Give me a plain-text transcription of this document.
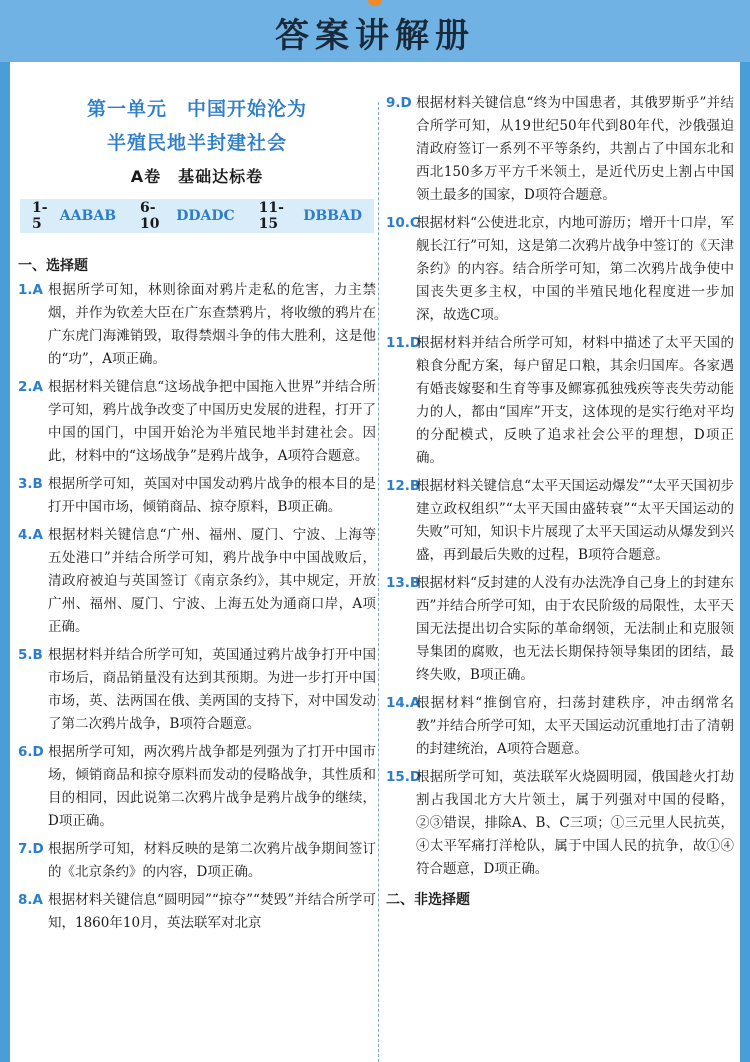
答案讲解册
第一单元　中国开始沦为
半殖民地半封建社会
A卷　基础达标卷
1-5	AABAB 6-10	DDADC 11-15	DBBAD
一、选择题
1.A 根据所学可知，林则徐面对鸦片走私的危害，力主禁烟，并作为钦差大臣在广东查禁鸦片，将收缴的鸦片在广东虎门海滩销毁，取得禁烟斗争的伟大胜利，这是他的“功”，A项正确。
2.A 根据材料关键信息“这场战争把中国拖入世界”并结合所学可知，鸦片战争改变了中国历史发展的进程，打开了中国的国门，中国开始沦为半殖民地半封建社会。因此，材料中的“这场战争”是鸦片战争，A项符合题意。
3.B 根据所学可知，英国对中国发动鸦片战争的根本目的是打开中国市场，倾销商品、掠夺原料，B项正确。
4.A 根据材料关键信息“广州、福州、厦门、宁波、上海等五处港口”并结合所学可知，鸦片战争中中国战败后，清政府被迫与英国签订《南京条约》，其中规定，开放广州、福州、厦门、宁波、上海五处为通商口岸，A项正确。
5.B 根据材料并结合所学可知，英国通过鸦片战争打开中国市场后，商品销量没有达到其预期。为进一步打开中国市场，英、法两国在俄、美两国的支持下，对中国发动了第二次鸦片战争，B项符合题意。
6.D 根据所学可知，两次鸦片战争都是列强为了打开中国市场，倾销商品和掠夺原料而发动的侵略战争，其性质和目的相同，因此说第二次鸦片战争是鸦片战争的继续，D项正确。
7.D 根据所学可知，材料反映的是第二次鸦片战争期间签订的《北京条约》的内容，D项正确。
8.A 根据材料关键信息“圆明园”“掠夺”“焚毁”并结合所学可知，1860年10月，英法联军对北京
9.D 根据材料关键信息“终为中国患者，其俄罗斯乎”并结合所学可知，从19世纪50年代到80年代，沙俄强迫清政府签订一系列不平等条约，共割占了中国东北和西北150多万平方千米领土，是近代历史上割占中国领土最多的国家，D项符合题意。
10.C
根据材料“公使进北京，内地可游历；增开十口岸，军舰长江行”可知，这是第二次鸦片战争中签订的《天津条约》的内容。结合所学可知，第二次鸦片战争使中国丧失更多主权，中国的半殖民地化程度进一步加深，故选C项。
11.D
根据材料并结合所学可知，材料中描述了太平天国的粮食分配方案，每户留足口粮，其余归国库。各家遇有婚丧嫁娶和生育等事及鳏寡孤独残疾等丧失劳动能力的人，都由“国库”开支，这体现的是实行绝对平均的分配模式，反映了追求社会公平的理想，D项正确。
12.B
根据材料关键信息“太平天国运动爆发”“太平天国初步建立政权组织”“太平天国由盛转衰”“太平天国运动的失败”可知，知识卡片展现了太平天国运动从爆发到兴盛，再到最后失败的过程，B项符合题意。
13.B
根据材料“反封建的人没有办法洗净自己身上的封建东西”并结合所学可知，由于农民阶级的局限性，太平天国无法提出切合实际的革命纲领，无法制止和克服领导集团的腐败，也无法长期保持领导集团的团结，最终失败，B项正确。
14.A
根据材料“推倒官府，扫荡封建秩序，冲击纲常名教”并结合所学可知，太平天国运动沉重地打击了清朝的封建统治，A项符合题意。
15.D
根据所学可知，英法联军火烧圆明园，俄国趁火打劫割占我国北方大片领土，属于列强对中国的侵略，②③错误，排除A、B、C三项；①三元里人民抗英，④太平军痛打洋枪队，属于中国人民的抗争，故①④符合题意，D项正确。
二、非选择题
